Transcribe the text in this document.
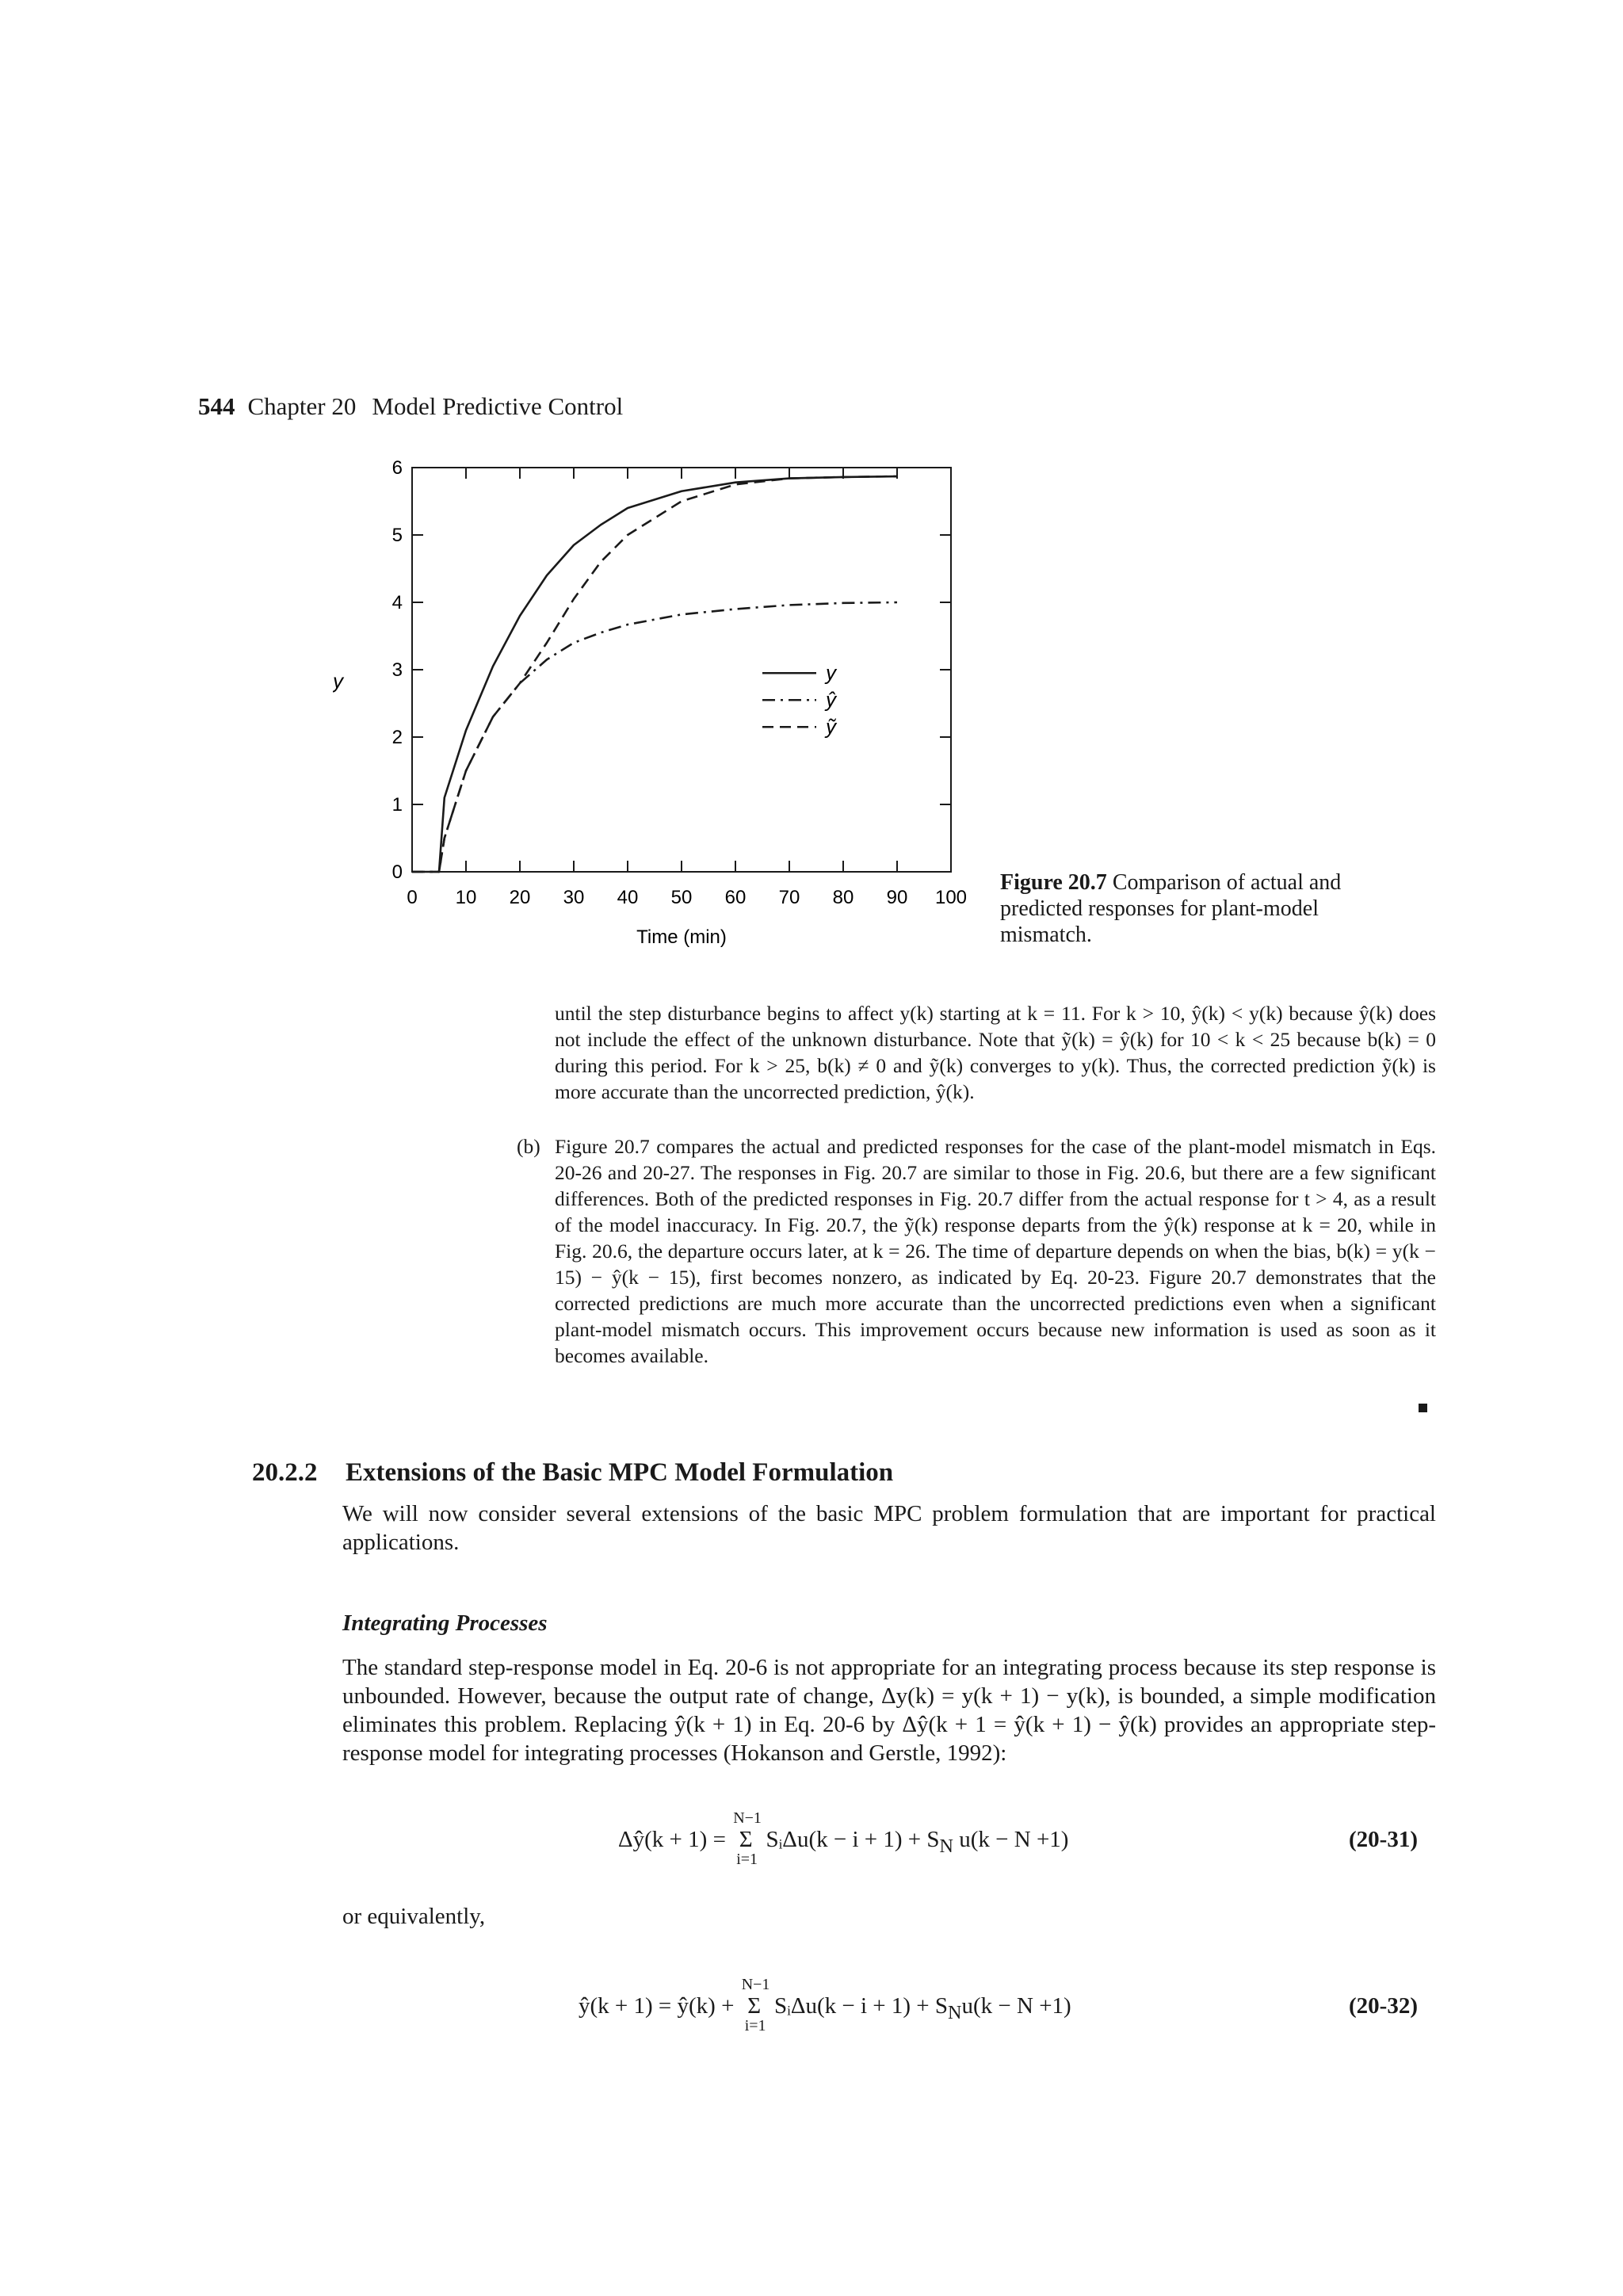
544 Chapter 20 Model Predictive Control
0 10 20 30 40 50 60 70 80 90 100
0
1
2
3
4
5
6
y
Time (min)
y
ŷ
ỹ
Figure 20.7 Comparison of actual and predicted responses for plant-model mismatch.
until the step disturbance begins to affect y(k) starting at k = 11. For k > 10, ŷ(k) < y(k) because ŷ(k) does not include the effect of the unknown disturbance. Note that ỹ(k) = ŷ(k) for 10 < k < 25 because b(k) = 0 during this period. For k > 25, b(k) ≠ 0 and ỹ(k) converges to y(k). Thus, the corrected prediction ỹ(k) is more accurate than the uncorrected prediction, ŷ(k).
(b) Figure 20.7 compares the actual and predicted responses for the case of the plant-model mismatch in Eqs. 20-26 and 20-27. The responses in Fig. 20.7 are similar to those in Fig. 20.6, but there are a few significant differences. Both of the predicted responses in Fig. 20.7 differ from the actual response for t > 4, as a result of the model inaccuracy. In Fig. 20.7, the ỹ(k) response departs from the ŷ(k) response at k = 20, while in Fig. 20.6, the departure occurs later, at k = 26. The time of departure depends on when the bias, b(k) = y(k − 15) − ŷ(k − 15), first becomes nonzero, as indicated by Eq. 20-23. Figure 20.7 demonstrates that the corrected predictions are much more accurate than the uncorrected predictions even when a significant plant-model mismatch occurs. This improvement occurs because new information is used as soon as it becomes available.
20.2.2 Extensions of the Basic MPC Model Formulation
We will now consider several extensions of the basic MPC problem formulation that are important for practical applications.
Integrating Processes
The standard step-response model in Eq. 20-6 is not appropriate for an integrating process because its step response is unbounded. However, because the output rate of change, Δy(k) = y(k + 1) − y(k), is bounded, a simple modification eliminates this problem. Replacing ŷ(k + 1) in Eq. 20-6 by Δŷ(k + 1 = ŷ(k + 1) − ŷ(k) provides an appropriate step-response model for integrating processes (Hokanson and Gerstle, 1992):
Δŷ(k + 1) =
N−1
Σ
i=1
SᵢΔu(k − $i + 1) + S_N$ u(k − N +1)	(20-31)
or equivalently,
ŷ(k + 1) = ŷ(k) +
N−1
Σ
i=1
SᵢΔu(k − $i + 1) + S_Nu(k - N +1)$	(20-32)
